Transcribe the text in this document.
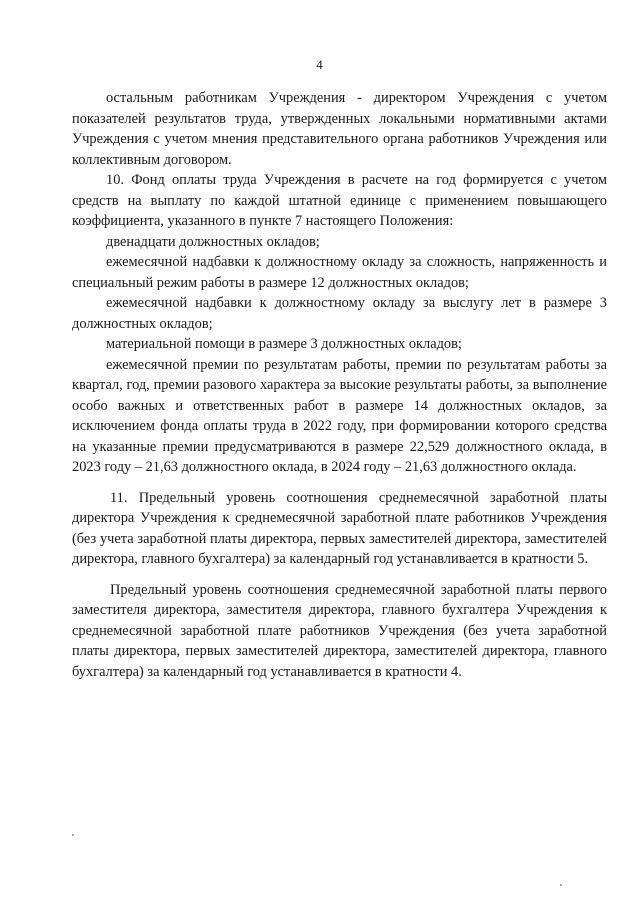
4

остальным работникам Учреждения - директором Учреждения с учетом показателей результатов труда, утвержденных локальными нормативными актами Учреждения с учетом мнения представительного органа работников Учреждения или коллективным договором.

10. Фонд оплаты труда Учреждения в расчете на год формируется с учетом средств на выплату по каждой штатной единице с применением повышающего коэффициента, указанного в пункте 7 настоящего Положения:

двенадцати должностных окладов;

ежемесячной надбавки к должностному окладу за сложность, напряженность и специальный режим работы в размере 12 должностных окладов;

ежемесячной надбавки к должностному окладу за выслугу лет в размере 3 должностных окладов;

материальной помощи в размере 3 должностных окладов;

ежемесячной премии по результатам работы, премии по результатам работы за квартал, год, премии разового характера за высокие результаты работы, за выполнение особо важных и ответственных работ в размере 14 должностных окладов, за исключением фонда оплаты труда в 2022 году, при формировании которого средства на указанные премии предусматриваются в размере 22,529 должностного оклада, в 2023 году – 21,63 должностного оклада, в 2024 году – 21,63 должностного оклада.

11. Предельный уровень соотношения среднемесячной заработной платы директора Учреждения к среднемесячной заработной плате работников Учреждения (без учета заработной платы директора, первых заместителей директора, заместителей директора, главного бухгалтера) за календарный год устанавливается в кратности 5.

Предельный уровень соотношения среднемесячной заработной платы первого заместителя директора, заместителя директора, главного бухгалтера Учреждения к среднемесячной заработной плате работников Учреждения (без учета заработной платы директора, первых заместителей директора, заместителей директора, главного бухгалтера) за календарный год устанавливается в кратности 4.
